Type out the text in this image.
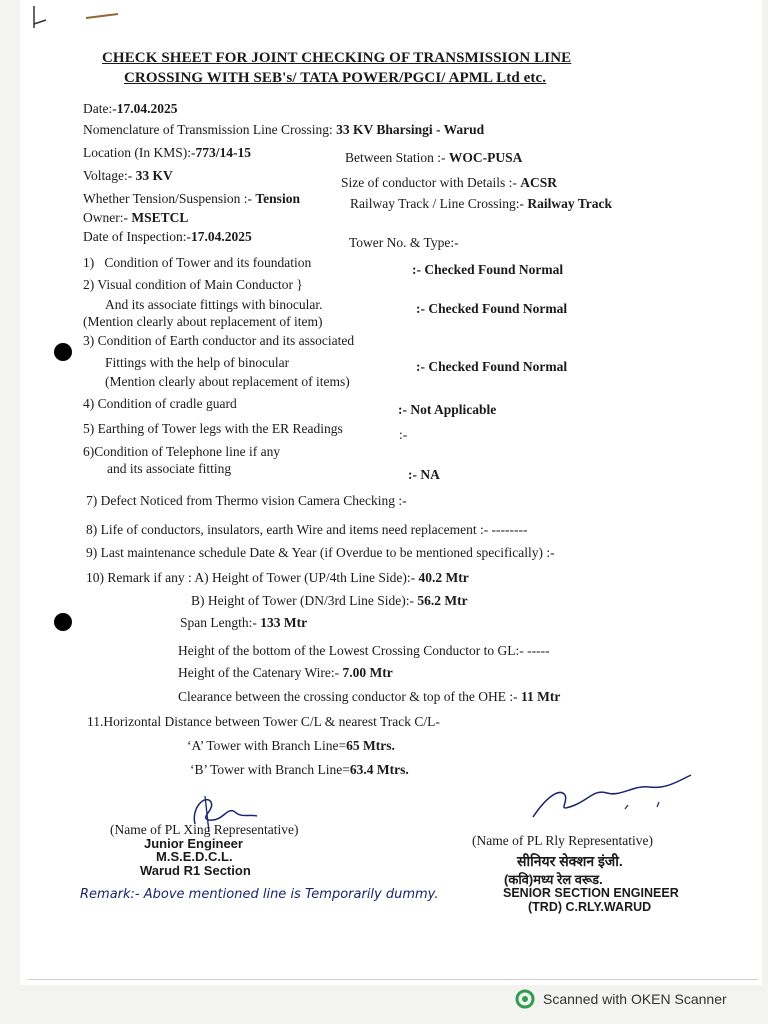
CHECK SHEET FOR JOINT CHECKING OF TRANSMISSION LINE
CROSSING WITH SEB's/ TATA POWER/PGCI/ APML Ltd etc.
Date:-17.04.2025
Nomenclature of Transmission Line Crossing: 33 KV Bharsingi - Warud
Location (In KMS):-773/14-15	Between Station :- WOC-PUSA
Voltage:- 33 KV	Size of conductor with Details :- ACSR
Whether Tension/Suspension :- Tension	Railway Track / Line Crossing:- Railway Track
Owner:- MSETCL
Date of Inspection:-17.04.2025	Tower No. & Type:-
1) Condition of Tower and its foundation	:- Checked Found Normal
2) Visual condition of Main Conductor }
And its associate fittings with binocular.
(Mention clearly about replacement of item)
:- Checked Found Normal
3) Condition of Earth conductor and its associated
Fittings with the help of binocular
(Mention clearly about replacement of items)
:- Checked Found Normal
4) Condition of cradle guard	:- Not Applicable
5) Earthing of Tower legs with the ER Readings	:-
6)Condition of Telephone line if any
and its associate fitting	:- NA
7) Defect Noticed from Thermo vision Camera Checking :-
8) Life of conductors, insulators, earth Wire and items need replacement :- --------
9) Last maintenance schedule Date & Year (if Overdue to be mentioned specifically) :-
10) Remark if any : A) Height of Tower (UP/4th Line Side):- 40.2 Mtr
B) Height of Tower (DN/3rd Line Side):- 56.2 Mtr
Span Length:- 133 Mtr
Height of the bottom of the Lowest Crossing Conductor to GL:- -----
Height of the Catenary Wire:- 7.00 Mtr
Clearance between the crossing conductor & top of the OHE :- 11 Mtr
11.Horizontal Distance between Tower C/L & nearest Track C/L-
‘A’ Tower with Branch Line=65 Mtrs.
‘B’ Tower with Branch Line=63.4 Mtrs.
(Name of PL Xing Representative)
Junior Engineer
M.S.E.D.C.L.
Warud R1 Section
(Name of PL Rly Representative)
सीनियर सेक्शन इंजी.
(कवि)मध्य रेल वरूड.
SENIOR SECTION ENGINEER
(TRD) C.RLY.WARUD
Remark:- Above mentioned line is Temporarily dummy.
Scanned with OKEN Scanner
